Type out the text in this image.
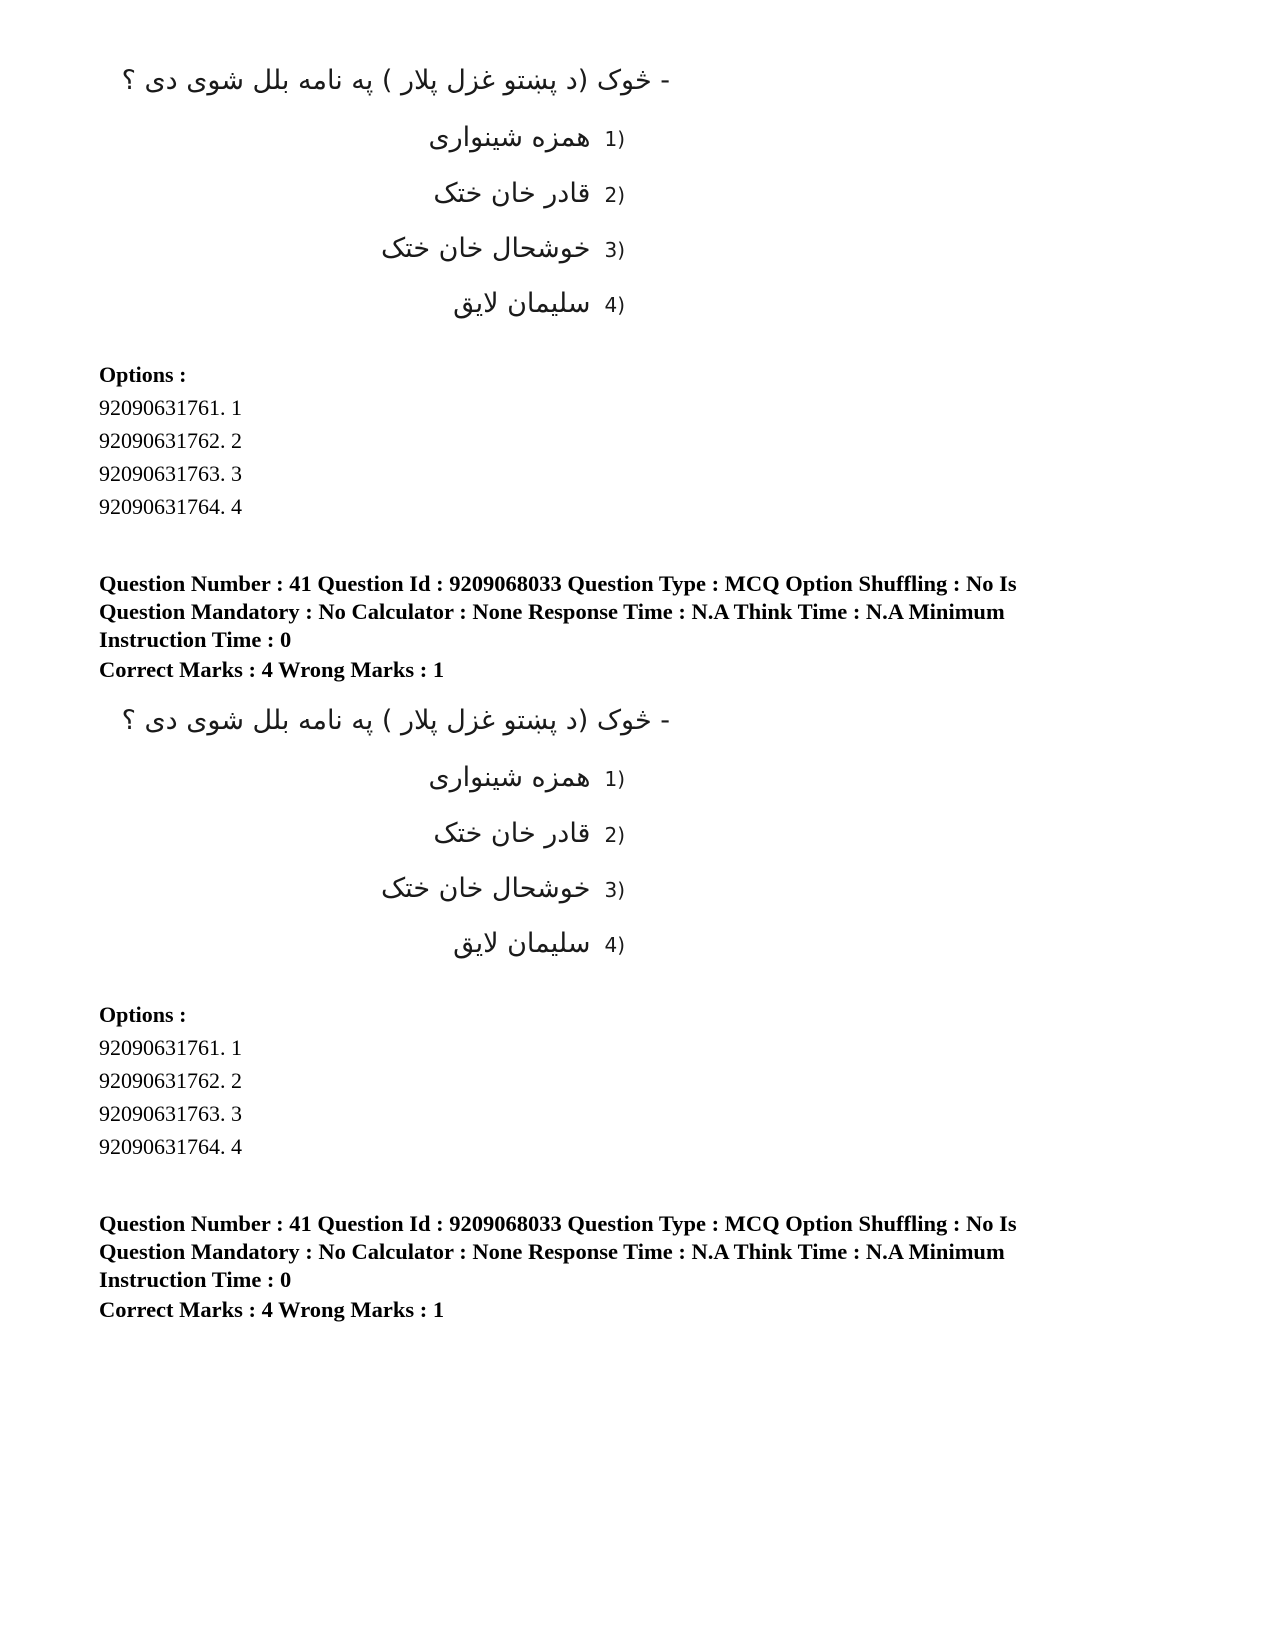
- څوک (د پښتو غزل پلار ) په نامه بلل شوی دی ؟
(1همزه شینواری
(2قادر خان ختک
(3خوشحال خان ختک
(4سلیمان لایق
Options :
92090631761. 1
92090631762. 2
92090631763. 3
92090631764. 4
Question Number : 41 Question Id : 9209068033 Question Type : MCQ Option Shuffling : No Is
Question Mandatory : No Calculator : None Response Time : N.A Think Time : N.A Minimum
Instruction Time : 0
Correct Marks : 4 Wrong Marks : 1
- څوک (د پښتو غزل پلار ) په نامه بلل شوی دی ؟
(1همزه شینواری
(2قادر خان ختک
(3خوشحال خان ختک
(4سلیمان لایق
Options :
92090631761. 1
92090631762. 2
92090631763. 3
92090631764. 4
Question Number : 41 Question Id : 9209068033 Question Type : MCQ Option Shuffling : No Is
Question Mandatory : No Calculator : None Response Time : N.A Think Time : N.A Minimum
Instruction Time : 0
Correct Marks : 4 Wrong Marks : 1
